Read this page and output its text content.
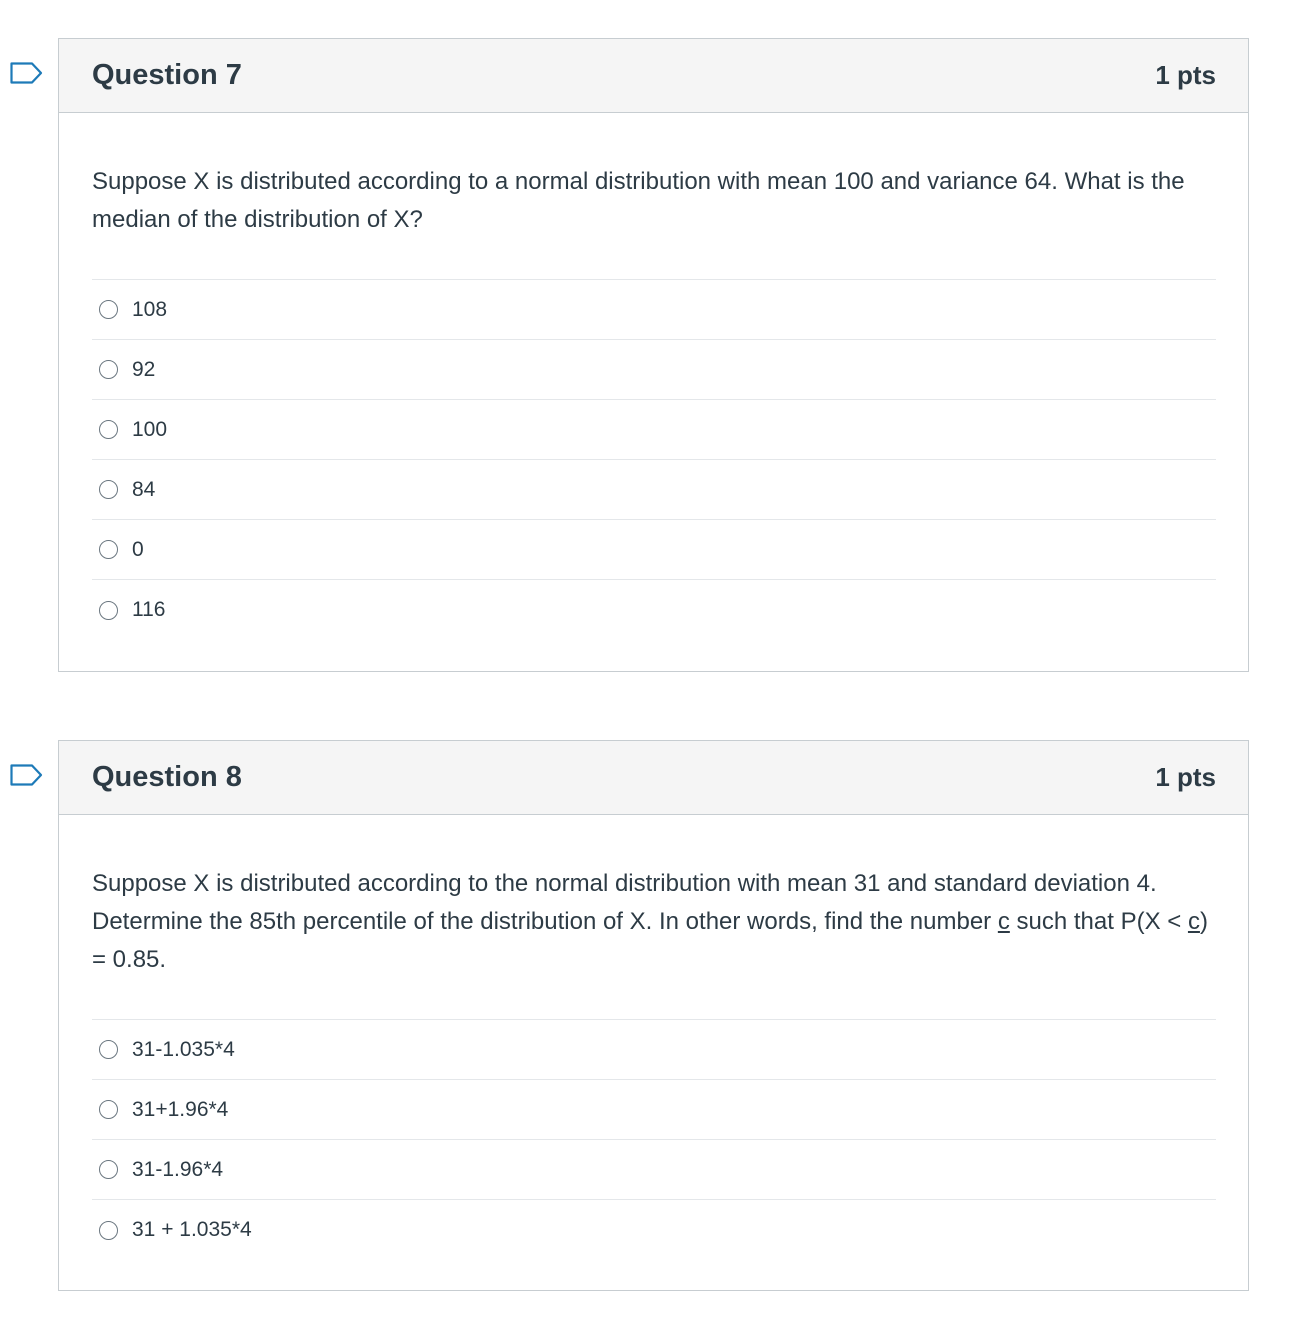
Question 7	1 pts

Suppose X is distributed according to a normal distribution with mean 100 and variance 64. What is the median of the distribution of X?

108
92
100
84
0
116
Question 8	1 pts

Suppose X is distributed according to the normal distribution with mean 31 and standard deviation 4. Determine the 85th percentile of the distribution of X. In other words, find the number c such that P(X < c) = 0.85.

31-1.035*4
31+1.96*4
31-1.96*4
31 + 1.035*4
